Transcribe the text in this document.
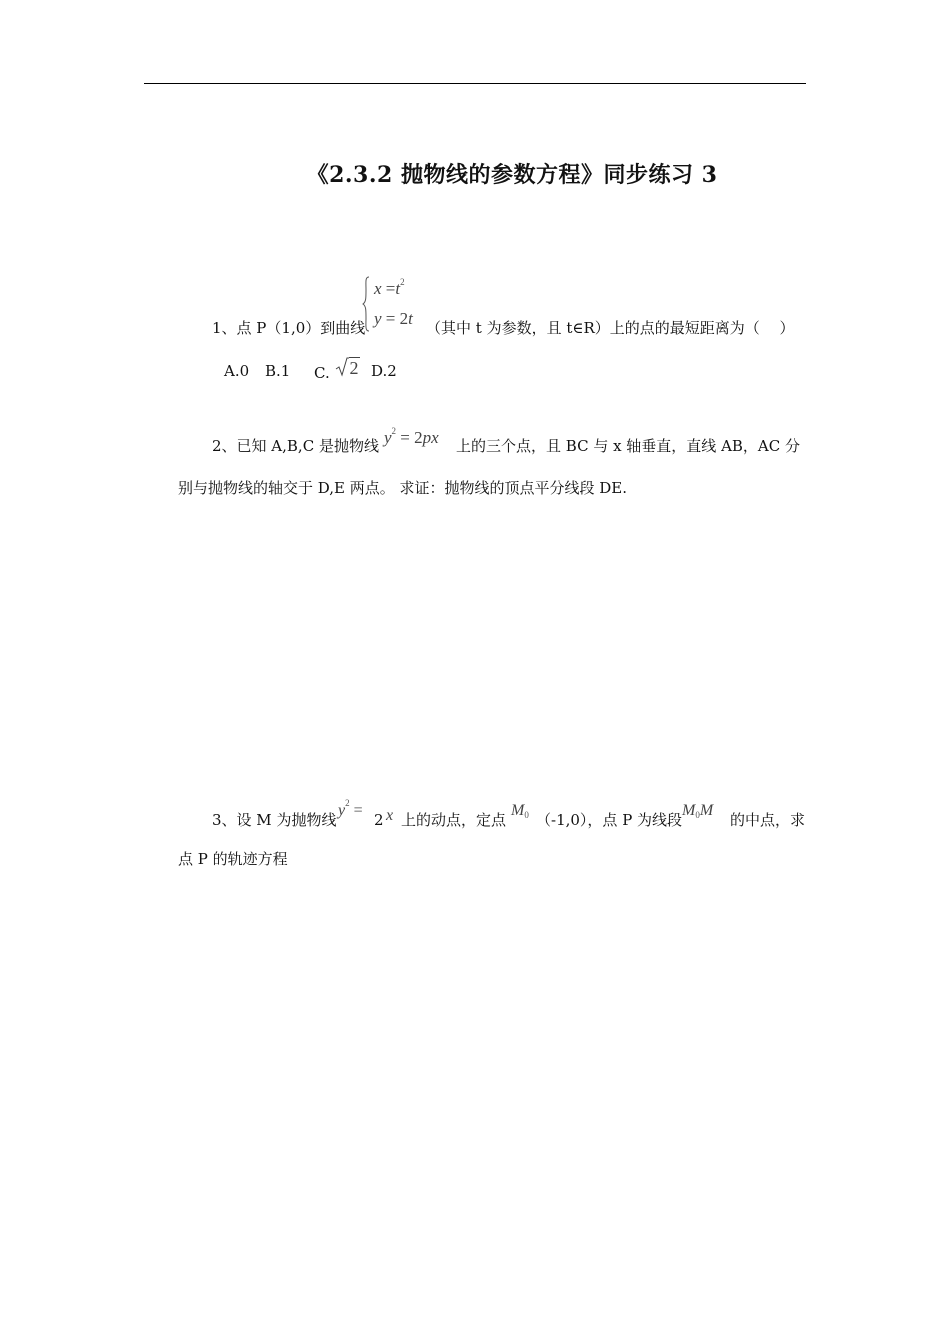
《2.3.2 抛物线的参数方程》同步练习 3
$x =t^2$
y = 2t
1、点 P（1,0）到曲线	（其中 t 为参数，且 t∈R）上的点的最短距离为（　 ）
A.0 B.1 C. 2 D.2
2、已知 A,B,C 是抛物线 $y^2 = 2px$ 上的三个点，且 BC 与 x 轴垂直，直线 AB，AC 分
别与抛物线的轴交于 D,E 两点。 求证：抛物线的顶点平分线段 DE.
3、设 M 为抛物线
$y^2$ =
2 x 上的动点，定点
M0 （-1,0），点 P 为线段
M0M
的中点，求
点 P 的轨迹方程
